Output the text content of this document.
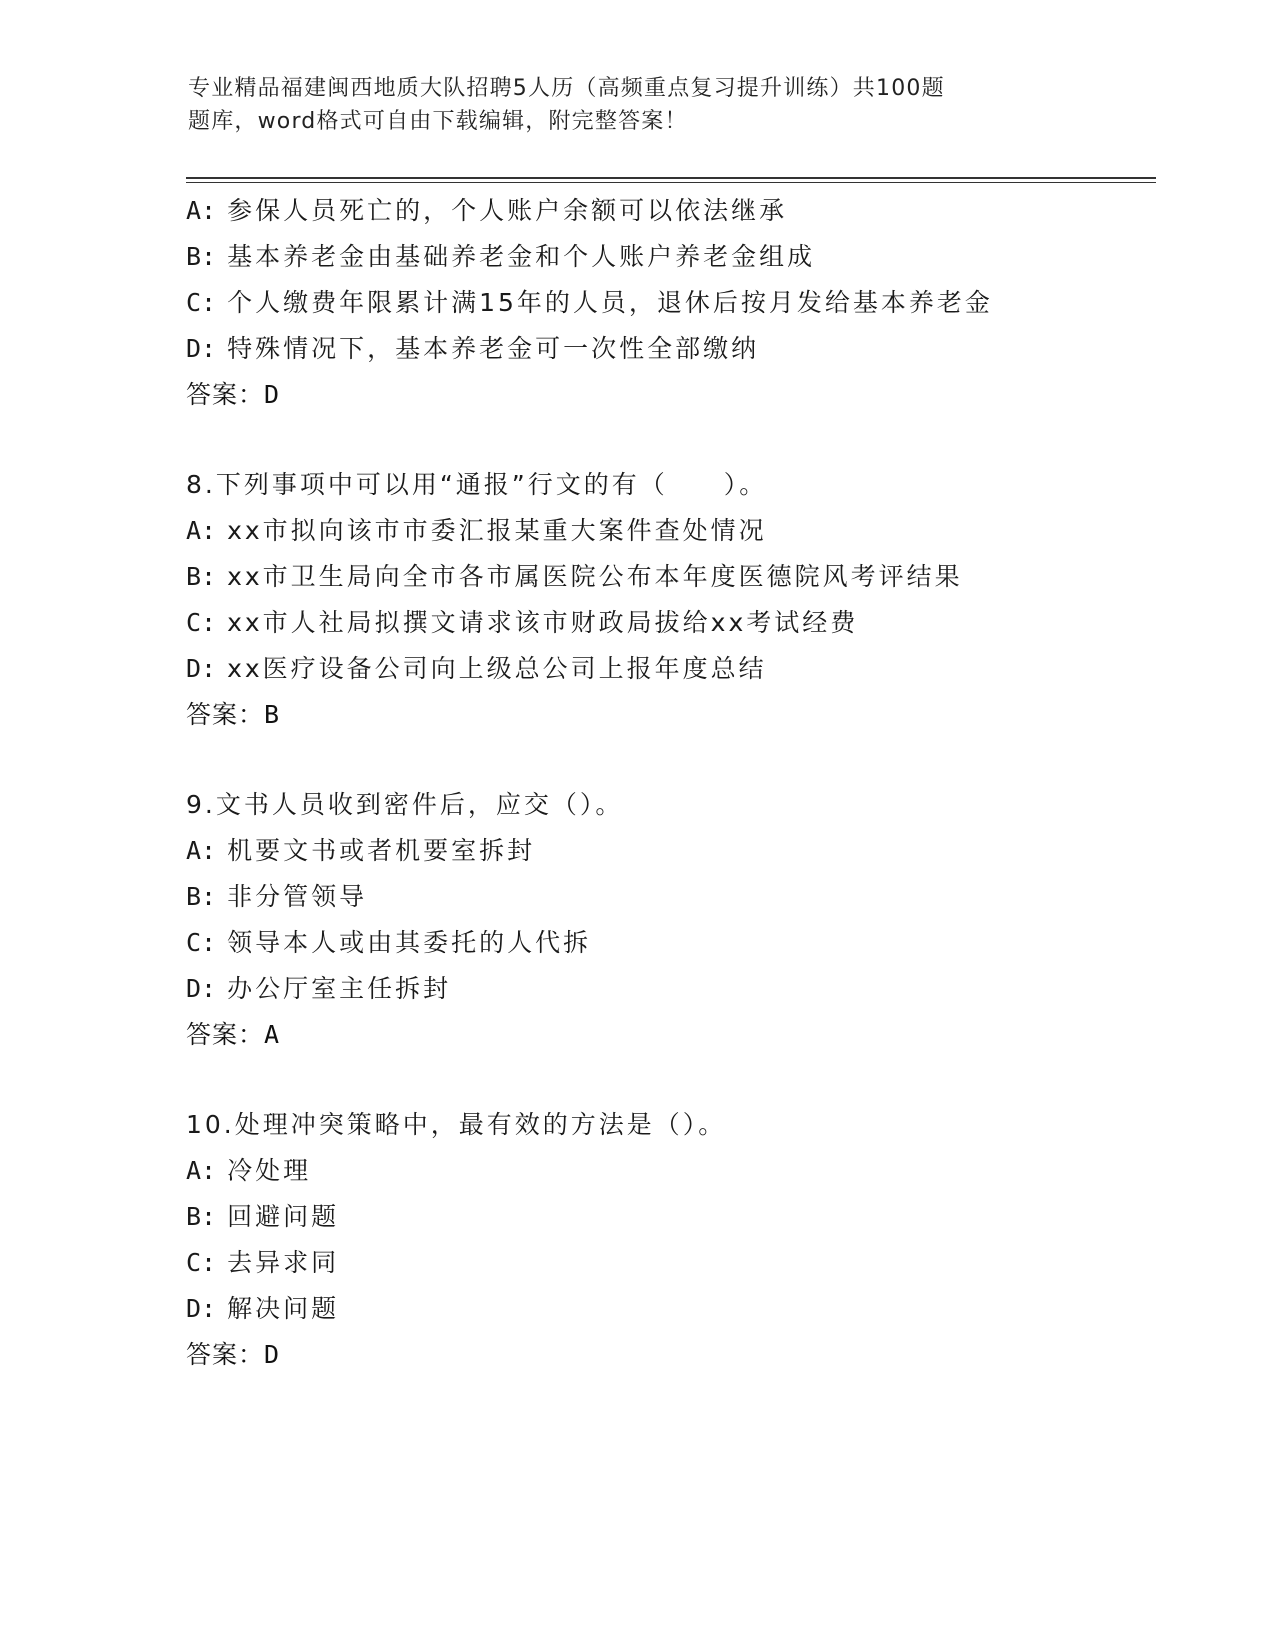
专业精品福建闽西地质大队招聘5人历（高频重点复习提升训练）共100题
题库，word格式可自由下载编辑，附完整答案！
A: 参保人员死亡的，个人账户余额可以依法继承
B: 基本养老金由基础养老金和个人账户养老金组成
C: 个人缴费年限累计满15年的人员，退休后按月发给基本养老金
D: 特殊情况下，基本养老金可一次性全部缴纳
答案：D
8.下列事项中可以用“通报”行文的有（　　）。
A: xx市拟向该市市委汇报某重大案件查处情况
B: xx市卫生局向全市各市属医院公布本年度医德院风考评结果
C: xx市人社局拟撰文请求该市财政局拔给xx考试经费
D: xx医疗设备公司向上级总公司上报年度总结
答案：B
9.文书人员收到密件后，应交（）。
A: 机要文书或者机要室拆封
B: 非分管领导
C: 领导本人或由其委托的人代拆
D: 办公厅室主任拆封
答案：A
10.处理冲突策略中，最有效的方法是（）。
A: 冷处理
B: 回避问题
C: 去异求同
D: 解决问题
答案：D
